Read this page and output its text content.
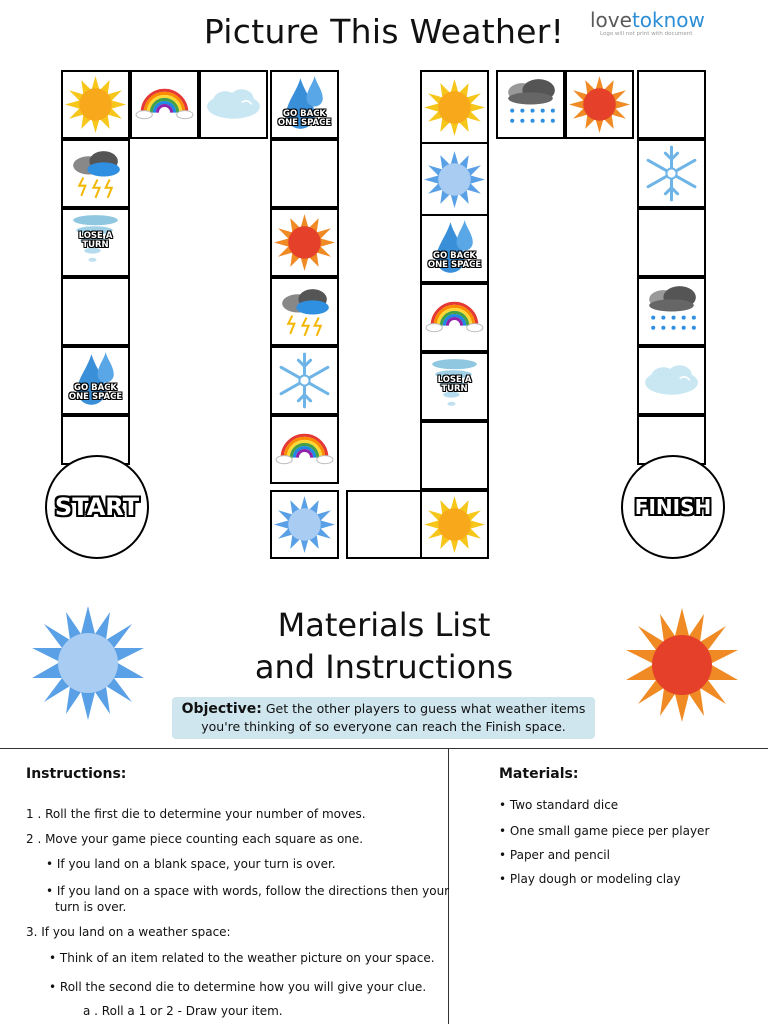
Picture This Weather!	lovetoknow
Logo will not print with document
LOSE A
TURN
GO BACK
ONE SPACE
START
GO BACK
ONE SPACE
LOSE A
TURN
GO BACK
ONE SPACE
FINISH
Materials List
and Instructions
Objective: Get the other players to guess what weather items
you're thinking of so everyone can reach the Finish space.
Instructions:
1 . Roll the first die to determine your number of moves.
2 . Move your game piece counting each square as one.
• If you land on a blank space, your turn is over.
• If you land on a space with words, follow the directions then your
turn is over.
3. If you land on a weather space:
• Think of an item related to the weather picture on your space.
• Roll the second die to determine how you will give your clue.
a . Roll a 1 or 2 - Draw your item.
Materials:
• Two standard dice
• One small game piece per player
• Paper and pencil
• Play dough or modeling clay
